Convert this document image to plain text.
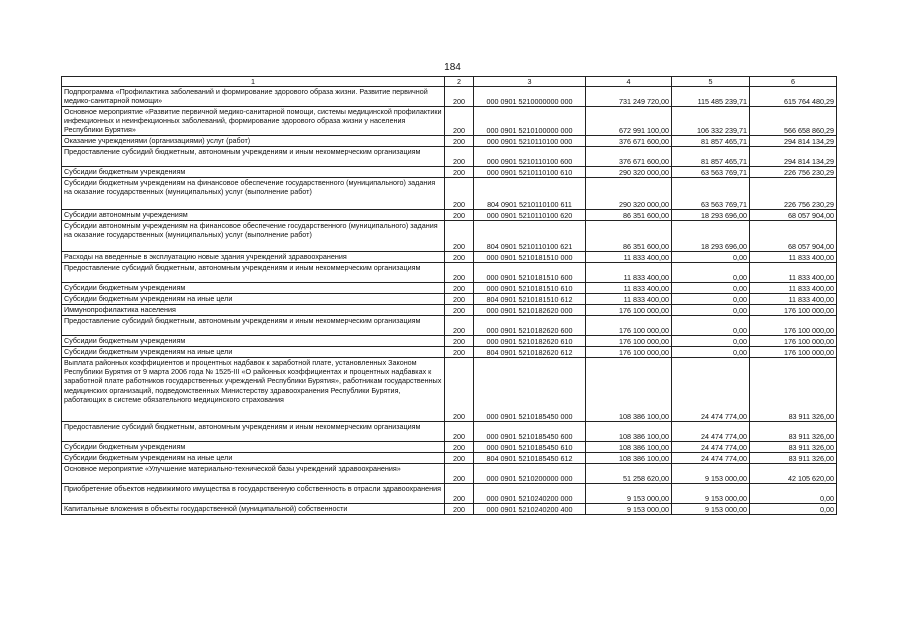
184
1	2	3	4	5	6
Подпрограмма «Профилактика заболеваний и формирование здорового образа жизни. Развитие первичной медико-санитарной помощи»	200	000 0901 5210000000 000	731 249 720,00	115 485 239,71	615 764 480,29
Основное мероприятие «Развитие первичной медико-санитарной помощи, системы медицинской профилактики инфекционных и неинфекционных заболеваний, формирование здорового образа жизни у населения Республики Бурятия»	200	000 0901 5210100000 000	672 991 100,00	106 332 239,71	566 658 860,29
Оказание учреждениями (организациями) услуг (работ)	200	000 0901 5210110100 000	376 671 600,00	81 857 465,71	294 814 134,29
Предоставление субсидий бюджетным, автономным учреждениям и иным некоммерческим организациям	200	000 0901 5210110100 600	376 671 600,00	81 857 465,71	294 814 134,29
Субсидии бюджетным учреждениям	200	000 0901 5210110100 610	290 320 000,00	63 563 769,71	226 756 230,29
Субсидии бюджетным учреждениям на финансовое обеспечение государственного (муниципального) задания на оказание государственных (муниципальных) услуг (выполнение работ)	200	804 0901 5210110100 611	290 320 000,00	63 563 769,71	226 756 230,29
Субсидии автономным учреждениям	200	000 0901 5210110100 620	86 351 600,00	18 293 696,00	68 057 904,00
Субсидии автономным учреждениям на финансовое обеспечение государственного (муниципального) задания на оказание государственных (муниципальных) услуг (выполнение работ)	200	804 0901 5210110100 621	86 351 600,00	18 293 696,00	68 057 904,00
Расходы на введенные в эксплуатацию новые здания учреждений здравоохранения	200	000 0901 5210181510 000	11 833 400,00	0,00	11 833 400,00
Предоставление субсидий бюджетным, автономным учреждениям и иным некоммерческим организациям	200	000 0901 5210181510 600	11 833 400,00	0,00	11 833 400,00
Субсидии бюджетным учреждениям	200	000 0901 5210181510 610	11 833 400,00	0,00	11 833 400,00
Субсидии бюджетным учреждениям на иные цели	200	804 0901 5210181510 612	11 833 400,00	0,00	11 833 400,00
Иммунопрофилактика населения	200	000 0901 5210182620 000	176 100 000,00	0,00	176 100 000,00
Предоставление субсидий бюджетным, автономным учреждениям и иным некоммерческим организациям	200	000 0901 5210182620 600	176 100 000,00	0,00	176 100 000,00
Субсидии бюджетным учреждениям	200	000 0901 5210182620 610	176 100 000,00	0,00	176 100 000,00
Субсидии бюджетным учреждениям на иные цели	200	804 0901 5210182620 612	176 100 000,00	0,00	176 100 000,00
Выплата районных коэффициентов и процентных надбавок к заработной плате, установленных Законом Республики Бурятия от 9 марта 2006 года № 1525-III «О районных коэффициентах и процентных надбавках к заработной плате работников государственных учреждений Республики Бурятия», работникам государственных медицинских организаций, подведомственных Министерству здравоохранения Республики Бурятия, работающих в системе обязательного медицинского страхования	200	000 0901 5210185450 000	108 386 100,00	24 474 774,00	83 911 326,00
Предоставление субсидий бюджетным, автономным учреждениям и иным некоммерческим организациям	200	000 0901 5210185450 600	108 386 100,00	24 474 774,00	83 911 326,00
Субсидии бюджетным учреждениям	200	000 0901 5210185450 610	108 386 100,00	24 474 774,00	83 911 326,00
Субсидии бюджетным учреждениям на иные цели	200	804 0901 5210185450 612	108 386 100,00	24 474 774,00	83 911 326,00
Основное мероприятие «Улучшение материально-технической базы учреждений здравоохранения»	200	000 0901 5210200000 000	51 258 620,00	9 153 000,00	42 105 620,00
Приобретение объектов недвижимого имущества в государственную собственность в отрасли здравоохранения	200	000 0901 5210240200 000	9 153 000,00	9 153 000,00	0,00
Капитальные вложения в объекты государственной (муниципальной) собственности	200	000 0901 5210240200 400	9 153 000,00	9 153 000,00	0,00
